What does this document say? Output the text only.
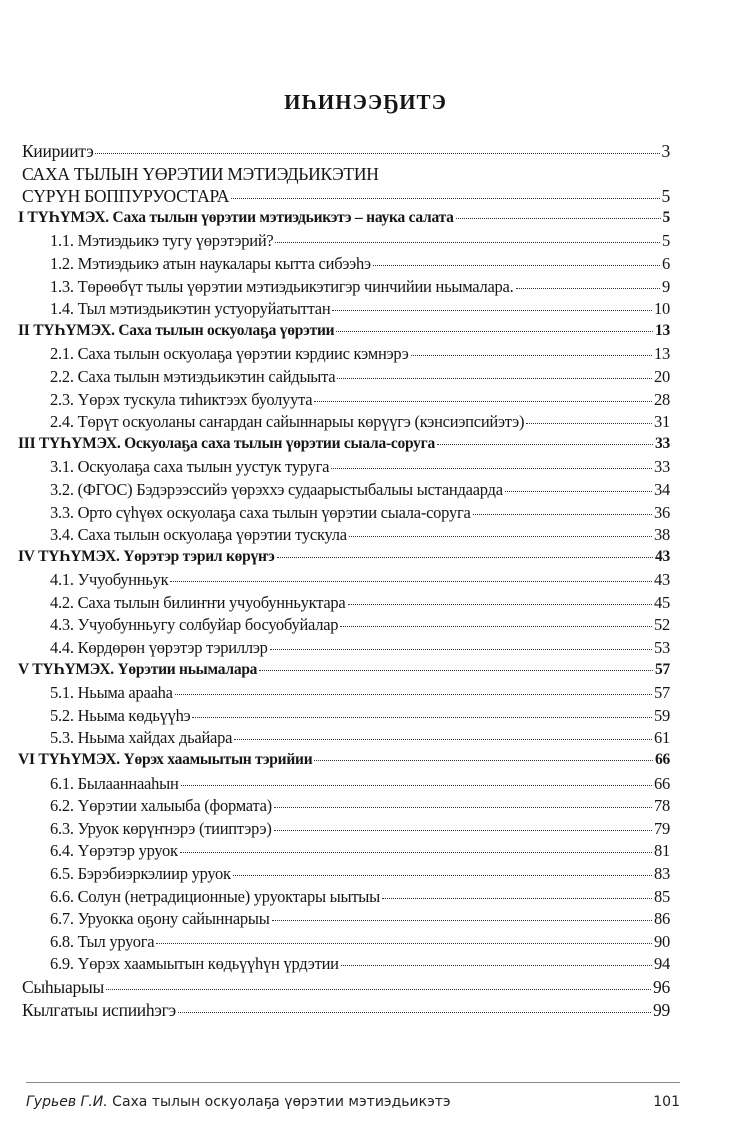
ИҺИНЭЭҔИТЭ
Киириитэ	3
САХА ТЫЛЫН ҮӨРЭТИИ МЭТИЭДЬИКЭТИН
СҮРҮН БОППУРУОСТАРА	5
I ТҮҺҮМЭХ. Саха тылын үөрэтии мэтиэдьикэтэ – наука салата	5
1.1. Мэтиэдьикэ тугу үөрэтэрий?	5
1.2. Мэтиэдьикэ атын наукалары кытта сибээһэ	6
1.3. Төрөөбүт тылы үөрэтии мэтиэдьикэтигэр чинчийии ньымалара.	9
1.4. Тыл мэтиэдьикэтин устуоруйатыттан	10
II ТҮҺҮМЭХ. Саха тылын оскуолаҕа үөрэтии	13
2.1. Саха тылын оскуолаҕа үөрэтии кэрдиис кэмнэрэ	13
2.2. Саха тылын мэтиэдьикэтин сайдыыта	20
2.3. Үөрэх тускула тиһиктээх буолуута	28
2.4. Төрүт оскуоланы саҥардан сайыннарыы көрүүгэ (кэнсиэпсийэтэ)	31
III ТҮҺҮМЭХ. Оскуолаҕа саха тылын үөрэтии сыала-соруга	33
3.1. Оскуолаҕа саха тылын уустук туруга	33
3.2. (ФГОС) Бэдэрээссийэ үөрэххэ судаарыстыбалыы ыстандаарда	34
3.3. Орто сүһүөх оскуолаҕа саха тылын үөрэтии сыала-соруга	36
3.4. Саха тылын оскуолаҕа үөрэтии тускула	38
IV ТҮҺҮМЭХ. Үөрэтэр тэрил көрүҥэ	43
4.1. Учуобунньук	43
4.2. Саха тылын билиҥҥи учуобунньуктара	45
4.3. Учуобунньугу солбуйар босуобуйалар	52
4.4. Көрдөрөн үөрэтэр тэриллэр	53
V ТҮҺҮМЭХ. Үөрэтии ньымалара	57
5.1. Ньыма арааһа	57
5.2. Ньыма көдьүүһэ	59
5.3. Ньыма хайдах дьайара	61
VI ТҮҺҮМЭХ. Үөрэх хаамыытын тэрийии	66
6.1. Былааннааһын	66
6.2. Үөрэтии халыыба (формата)	78
6.3. Уруок көрүҥнэрэ (тииптэрэ)	79
6.4. Үөрэтэр уруок	81
6.5. Бэрэбиэркэлиир уруок	83
6.6. Солун (нетрадиционные) уруоктары ыытыы	85
6.7. Уруокка оҕону сайыннарыы	86
6.8. Тыл уруога	90
6.9. Үөрэх хаамыытын көдьүүһүн үрдэтии	94
Сыһыарыы	96
Кылгатыы испииһэгэ	99
Гурьев Г.И. Саха тылын оскуолаҕа үөрэтии мэтиэдьикэтэ	101
